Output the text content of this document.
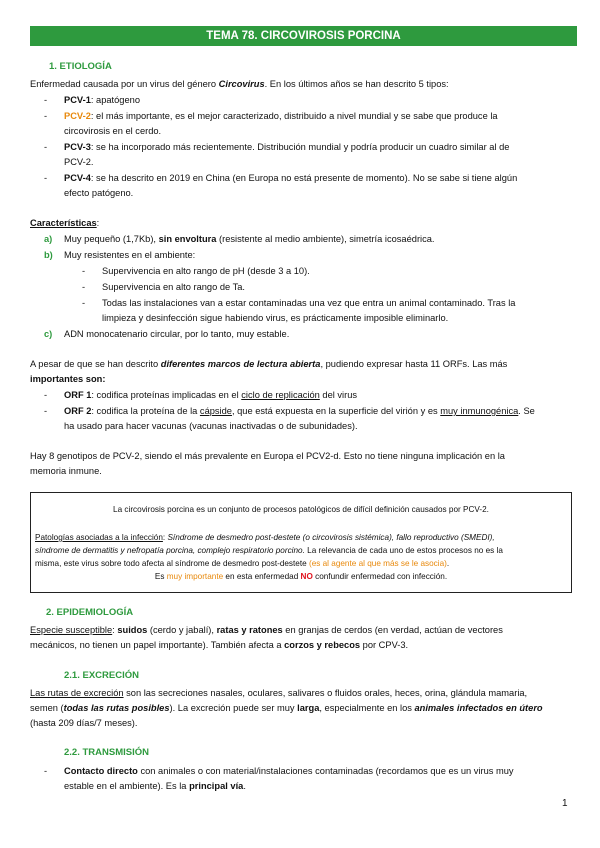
TEMA 78. CIRCOVIROSIS PORCINA
1. ETIOLOGÍA
Enfermedad causada por un virus del género Circovirus. En los últimos años se han descrito 5 tipos:
- PCV-1: apatógeno
- PCV-2: el más importante, es el mejor caracterizado, distribuido a nivel mundial y se sabe que produce la
circovirosis en el cerdo.
- PCV-3: se ha incorporado más recientemente. Distribución mundial y podría producir un cuadro similar al de
PCV-2.
- PCV-4: se ha descrito en 2019 en China (en Europa no está presente de momento). No se sabe si tiene algún
efecto patógeno.
Características:
a) Muy pequeño (1,7Kb), sin envoltura (resistente al medio ambiente), simetría icosaédrica.
b) Muy resistentes en el ambiente:
- Supervivencia en alto rango de pH (desde 3 a 10).
- Supervivencia en alto rango de Ta.
- Todas las instalaciones van a estar contaminadas una vez que entra un animal contaminado. Tras la
limpieza y desinfección sigue habiendo virus, es prácticamente imposible eliminarlo.
c) ADN monocatenario circular, por lo tanto, muy estable.
A pesar de que se han descrito diferentes marcos de lectura abierta, pudiendo expresar hasta 11 ORFs. Las más
importantes son:
- ORF 1: codifica proteínas implicadas en el ciclo de replicación del virus
- ORF 2: codifica la proteína de la cápside, que está expuesta en la superficie del virión y es muy inmunogénica. Se
ha usado para hacer vacunas (vacunas inactivadas o de subunidades).
Hay 8 genotipos de PCV-2, siendo el más prevalente en Europa el PCV2-d. Esto no tiene ninguna implicación en la
memoria inmune.
La circovirosis porcina es un conjunto de procesos patológicos de difícil definición causados por PCV-2.
Patologías asociadas a la infección: Síndrome de desmedro post-destete (o circovirosis sistémica), fallo reproductivo (SMEDI),
síndrome de dermatitis y nefropatía porcina, complejo respiratorio porcino. La relevancia de cada uno de estos procesos no es la
misma, este virus sobre todo afecta al síndrome de desmedro post-destete (es al agente al que más se le asocia).
Es muy importante en esta enfermedad NO confundir enfermedad con infección.
2. EPIDEMIOLOGÍA
Especie susceptible: suidos (cerdo y jabalí), ratas y ratones en granjas de cerdos (en verdad, actúan de vectores
mecánicos, no tienen un papel importante). También afecta a corzos y rebecos por CPV-3.
2.1. EXCRECIÓN
Las rutas de excreción son las secreciones nasales, oculares, salivares o fluidos orales, heces, orina, glándula mamaria,
semen (todas las rutas posibles). La excreción puede ser muy larga, especialmente en los animales infectados en útero
(hasta 209 días/7 meses).
2.2. TRANSMISIÓN
- Contacto directo con animales o con material/instalaciones contaminadas (recordamos que es un virus muy
estable en el ambiente). Es la principal vía.
1
